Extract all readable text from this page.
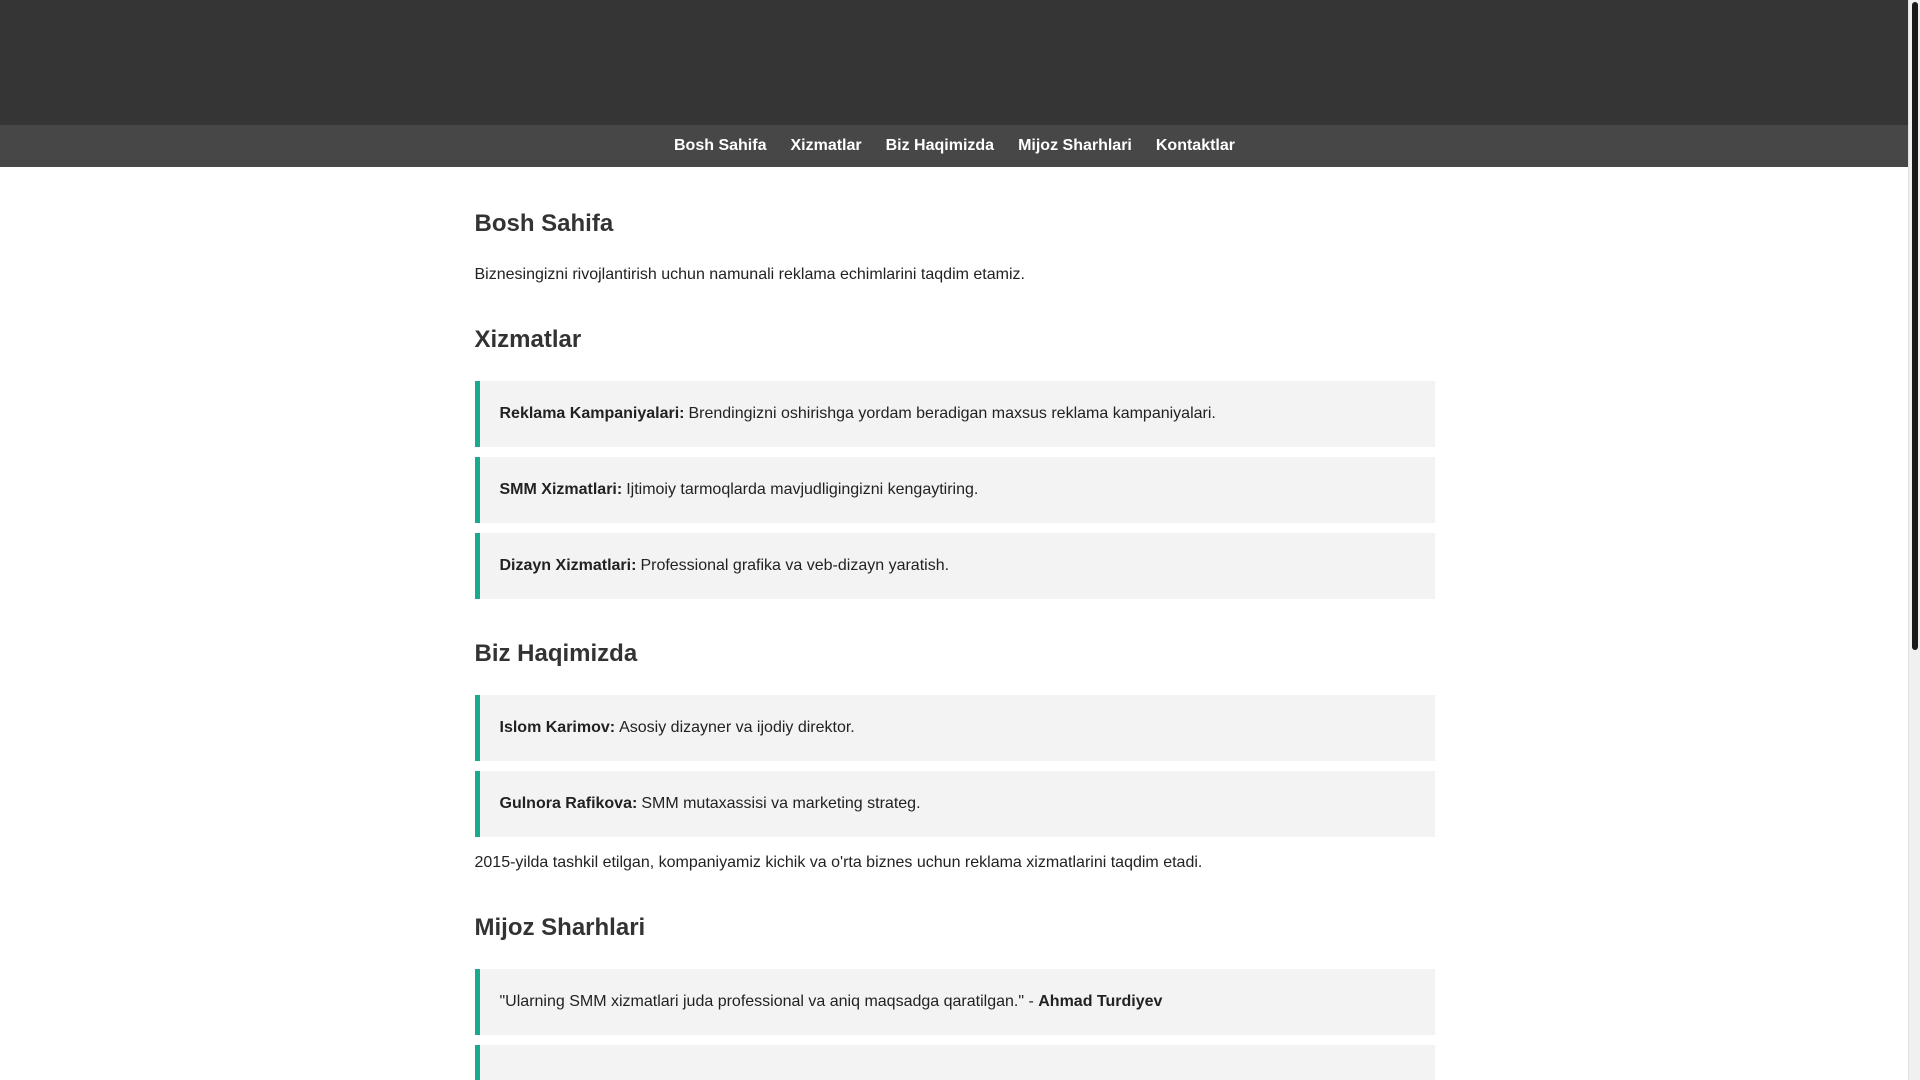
Bosh Sahifa Xizmatlar Biz Haqimizda Mijoz Sharhlari Kontaktlar
Bosh Sahifa

Biznesingizni rivojlantirish uchun namunali reklama echimlarini taqdim etamiz.

Xizmatlar
Reklama Kampaniyalari: Brendingizni oshirishga yordam beradigan maxsus reklama kampaniyalari.
SMM Xizmatlari: Ijtimoiy tarmoqlarda mavjudligingizni kengaytiring.
Dizayn Xizmatlari: Professional grafika va veb-dizayn yaratish.
Biz Haqimizda
Islom Karimov: Asosiy dizayner va ijodiy direktor.
Gulnora Rafikova: SMM mutaxassisi va marketing strateg.

2015-yilda tashkil etilgan, kompaniyamiz kichik va o'rta biznes uchun reklama xizmatlarini taqdim etadi.

Mijoz Sharhlari
"Ularning SMM xizmatlari juda professional va aniq maqsadga qaratilgan." - Ahmad Turdiyev
